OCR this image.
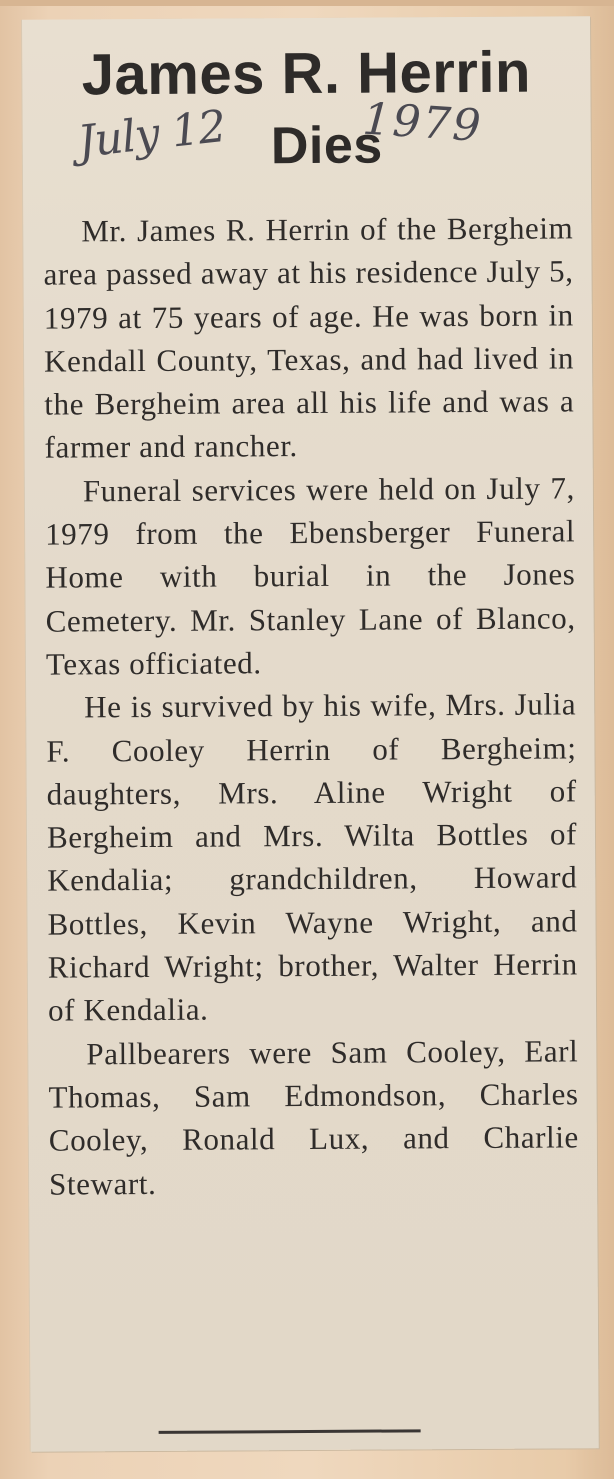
James R. Herrin
Dies
July 12	1979

Mr. James R. Herrin of the Bergheim area passed away at his residence July 5, 1979 at 75 years of age. He was born in Kendall County, Texas, and had lived in the Bergheim area all his life and was a farmer and rancher.

Funeral services were held on July 7, 1979 from the Ebensberger Funeral Home with burial in the Jones Cemetery. Mr. Stanley Lane of Blanco, Texas officiated.

He is survived by his wife, Mrs. Julia F. Cooley Herrin of Bergheim; daughters, Mrs. Aline Wright of Bergheim and Mrs. Wilta Bottles of Kendalia; grandchildren, Howard Bottles, Kevin Wayne Wright, and Richard Wright; brother, Walter Herrin of Kendalia.

Pallbearers were Sam Cooley, Earl Thomas, Sam Edmondson, Charles Cooley, Ronald Lux, and Charlie Stewart.
